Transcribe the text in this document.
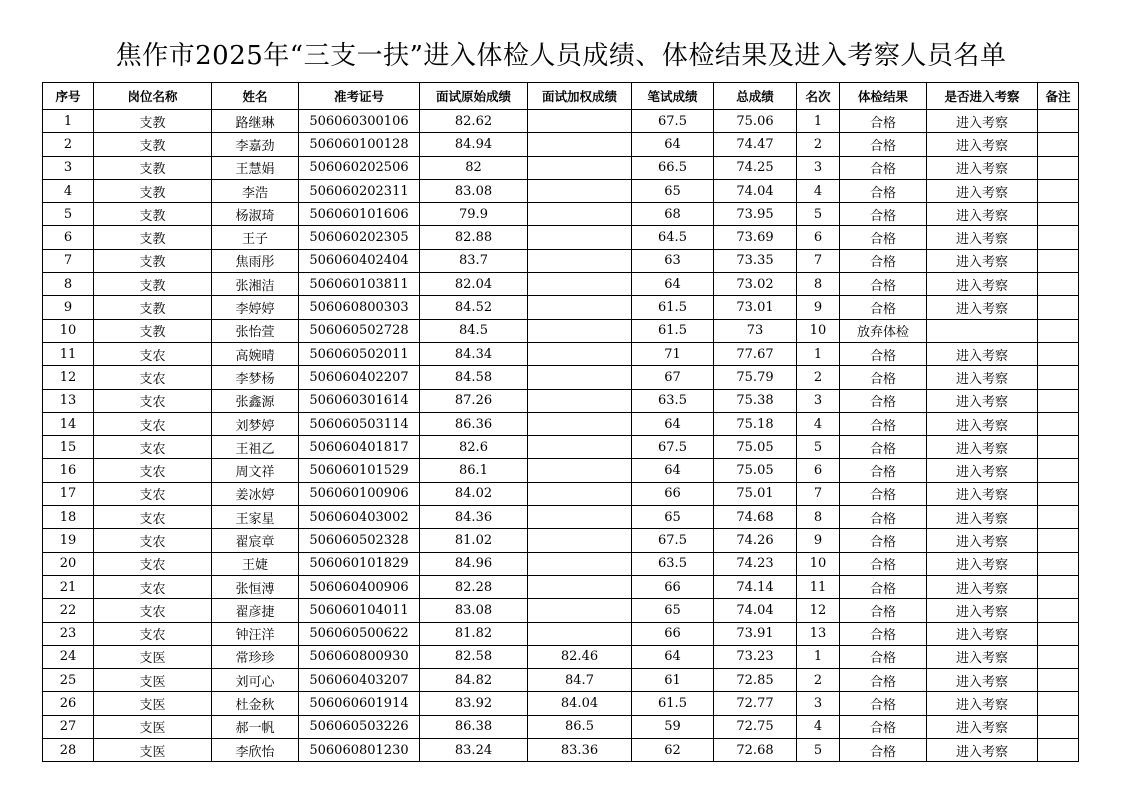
焦作市2025年“三支一扶”进入体检人员成绩、体检结果及进入考察人员名单
序号	岗位名称	姓名	准考证号	面试原始成绩	面试加权成绩	笔试成绩	总成绩	名次	体检结果	是否进入考察	备注
1	支教	路继琳	506060300106	82.62		67.5	75.06	1	合格	进入考察	
2	支教	李嘉劲	506060100128	84.94		64	74.47	2	合格	进入考察	
3	支教	王慧娟	506060202506	82		66.5	74.25	3	合格	进入考察	
4	支教	李浩	506060202311	83.08		65	74.04	4	合格	进入考察	
5	支教	杨淑琦	506060101606	79.9		68	73.95	5	合格	进入考察	
6	支教	王子	506060202305	82.88		64.5	73.69	6	合格	进入考察	
7	支教	焦雨彤	506060402404	83.7		63	73.35	7	合格	进入考察	
8	支教	张湘洁	506060103811	82.04		64	73.02	8	合格	进入考察	
9	支教	李婷婷	506060800303	84.52		61.5	73.01	9	合格	进入考察	
10	支教	张怡萱	506060502728	84.5		61.5	73	10	放弃体检		
11	支农	高婉晴	506060502011	84.34		71	77.67	1	合格	进入考察	
12	支农	李梦杨	506060402207	84.58		67	75.79	2	合格	进入考察	
13	支农	张鑫源	506060301614	87.26		63.5	75.38	3	合格	进入考察	
14	支农	刘梦婷	506060503114	86.36		64	75.18	4	合格	进入考察	
15	支农	王祖乙	506060401817	82.6		67.5	75.05	5	合格	进入考察	
16	支农	周文祥	506060101529	86.1		64	75.05	6	合格	进入考察	
17	支农	姜冰婷	506060100906	84.02		66	75.01	7	合格	进入考察	
18	支农	王家星	506060403002	84.36		65	74.68	8	合格	进入考察	
19	支农	翟宸章	506060502328	81.02		67.5	74.26	9	合格	进入考察	
20	支农	王婕	506060101829	84.96		63.5	74.23	10	合格	进入考察	
21	支农	张恒溥	506060400906	82.28		66	74.14	11	合格	进入考察	
22	支农	翟彦捷	506060104011	83.08		65	74.04	12	合格	进入考察	
23	支农	钟汪洋	506060500622	81.82		66	73.91	13	合格	进入考察	
24	支医	常珍珍	506060800930	82.58	82.46	64	73.23	1	合格	进入考察	
25	支医	刘可心	506060403207	84.82	84.7	61	72.85	2	合格	进入考察	
26	支医	杜金秋	506060601914	83.92	84.04	61.5	72.77	3	合格	进入考察	
27	支医	郝一帆	506060503226	86.38	86.5	59	72.75	4	合格	进入考察	
28	支医	李欣怡	506060801230	83.24	83.36	62	72.68	5	合格	进入考察	
